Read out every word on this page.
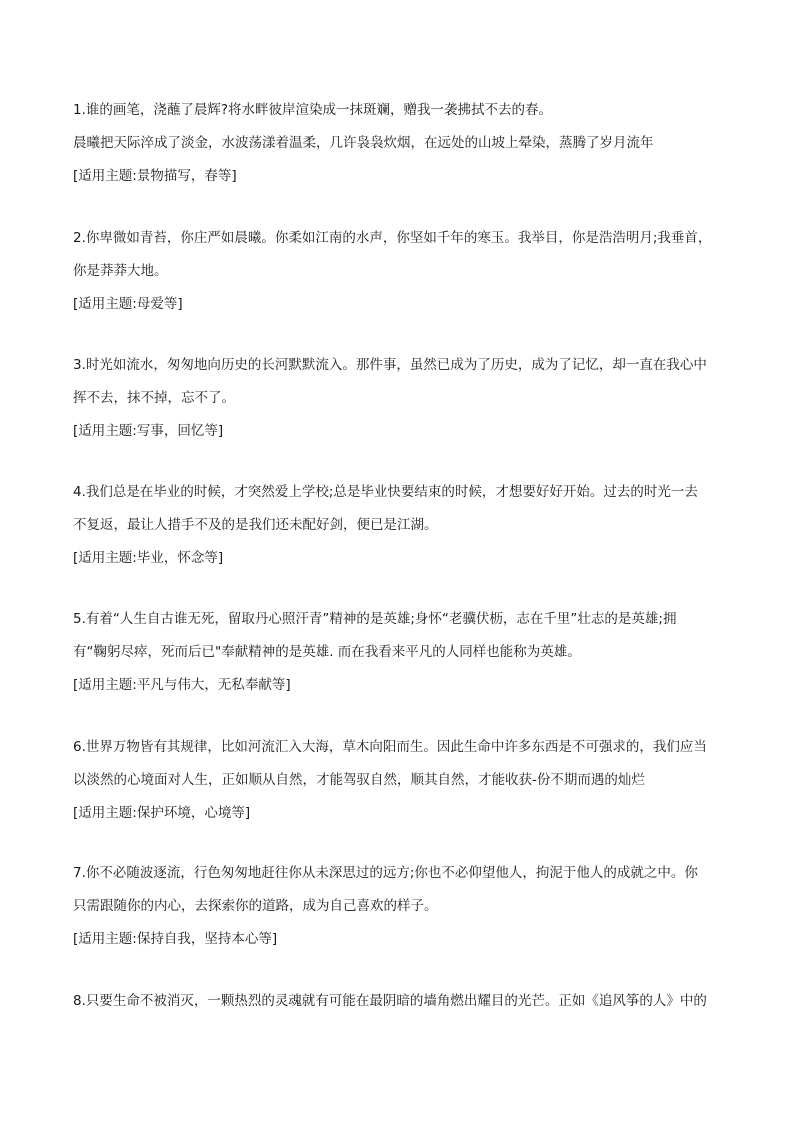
1.谁的画笔，浇蘸了晨辉?将水畔彼岸渲染成一抹斑斓，赠我一袭拂拭不去的春。
晨曦把天际淬成了淡金，水波荡漾着温柔，几许袅袅炊烟，在远处的山坡上晕染，蒸腾了岁月流年
[适用主题:景物描写，春等]
2.你卑微如青苔，你庄严如晨曦。你柔如江南的水声，你坚如千年的寒玉。我举目，你是浩浩明月;我垂首，
你是莽莽大地。
[适用主题:母爱等]
3.时光如流水，匆匆地向历史的长河默默流入。那件事，虽然已成为了历史，成为了记忆，却一直在我心中
挥不去，抹不掉，忘不了。
[适用主题:写事，回忆等]
4.我们总是在毕业的时候，才突然爱上学校;总是毕业快要结束的时候，才想要好好开始。过去的时光一去
不复返，最让人措手不及的是我们还未配好剑，便已是江湖。
[适用主题:毕业，怀念等]
5.有着“人生自古谁无死，留取丹心照汗青”精神的是英雄;身怀“老骥伏枥，志在千里”壮志的是英雄;拥
有“鞠躬尽瘁，死而后已"奉献精神的是英雄. 而在我看来平凡的人同样也能称为英雄。
[适用主题:平凡与伟大，无私奉献等]
6.世界万物皆有其规律，比如河流汇入大海，草木向阳而生。因此生命中许多东西是不可强求的，我们应当
以淡然的心境面对人生，正如顺从自然，才能驾驭自然，顺其自然，才能收获-份不期而遇的灿烂
[适用主题:保护环境，心境等]
7.你不必随波逐流，行色匆匆地赶往你从未深思过的远方;你也不必仰望他人，拘泥于他人的成就之中。你
只需跟随你的内心，去探索你的道路，成为自己喜欢的样子。
[适用主题:保持自我，坚持本心等]
8.只要生命不被消灭，一颗热烈的灵魂就有可能在最阴暗的墙角燃出耀目的光芒。正如《追风筝的人》中的
